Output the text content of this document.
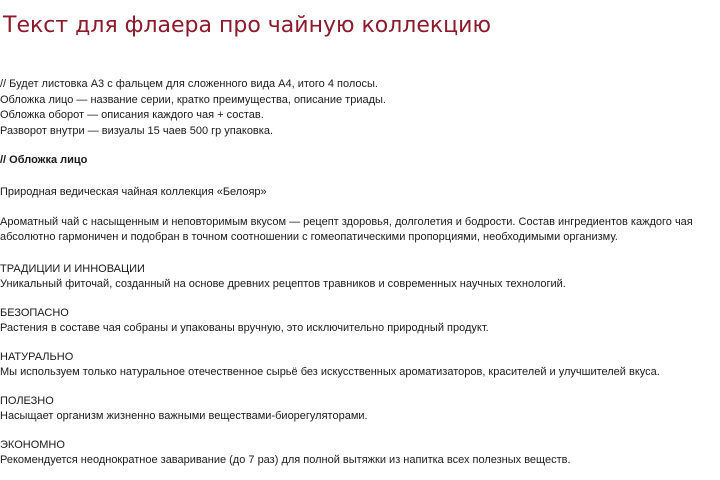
Текст для флаера про чайную коллекцию

// Будет листовка А3 с фальцем для сложенного вида А4, итого 4 полосы.

Обложка лицо — название серии, кратко преимущества, описание триады.

Обложка оборот — описания каждого чая + состав.

Разворот внутри — визуалы 15 чаев 500 гр упаковка.

// Обложка лицо

Природная ведическая чайная коллекция «Белояр»

Ароматный чай с насыщенным и неповторимым вкусом — рецепт здоровья, долголетия и бодрости. Состав ингредиентов каждого чая

абсолютно гармоничен и подобран в точном соотношении с гомеопатическими пропорциями, необходимыми организму.

ТРАДИЦИИ И ИННОВАЦИИ

Уникальный фиточай, созданный на основе древних рецептов травников и современных научных технологий.

БЕЗОПАСНО

Растения в составе чая собраны и упакованы вручную, это исключительно природный продукт.

НАТУРАЛЬНО

Мы используем только натуральное отечественное сырьё без искусственных ароматизаторов, красителей и улучшителей вкуса.

ПОЛЕЗНО

Насыщает организм жизненно важными веществами-биорегуляторами.

ЭКОНОМНО

Рекомендуется неоднократное заваривание (до 7 раз) для полной вытяжки из напитка всех полезных веществ.
